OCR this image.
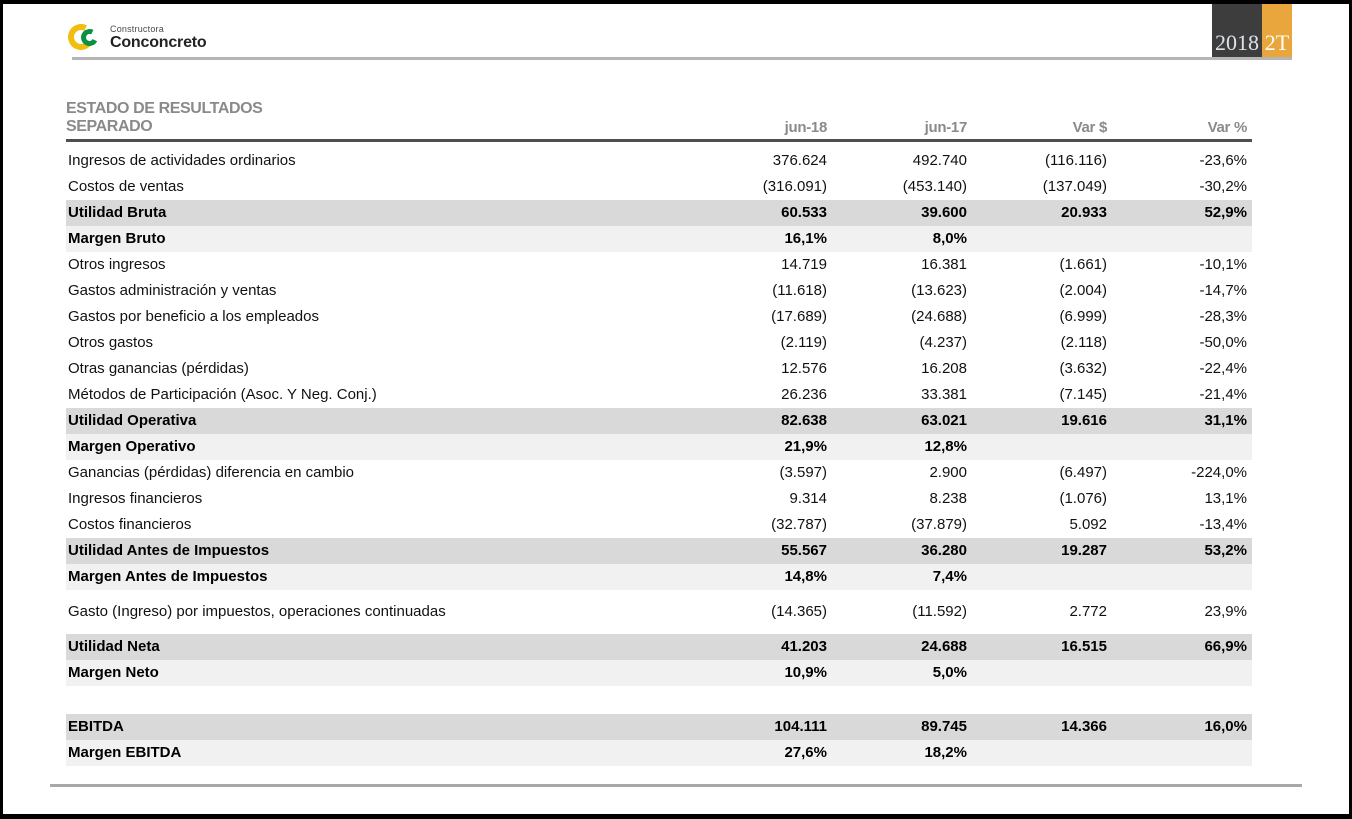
Constructora
Conconcreto	2018 2T
ESTADO DE RESULTADOS
SEPARADO	jun-18	jun-17	Var $	Var %
Ingresos de actividades ordinarios	376.624	492.740	(116.116)	-23,6%
Costos de ventas	(316.091)	(453.140)	(137.049)	-30,2%
Utilidad Bruta	60.533	39.600	20.933	52,9%
Margen Bruto	16,1%	8,0%
Otros ingresos	14.719	16.381	(1.661)	-10,1%
Gastos administración y ventas	(11.618)	(13.623)	(2.004)	-14,7%
Gastos por beneficio a los empleados	(17.689)	(24.688)	(6.999)	-28,3%
Otros gastos	(2.119)	(4.237)	(2.118)	-50,0%
Otras ganancias (pérdidas)	12.576	16.208	(3.632)	-22,4%
Métodos de Participación (Asoc. Y Neg. Conj.)	26.236	33.381	(7.145)	-21,4%
Utilidad Operativa	82.638	63.021	19.616	31,1%
Margen Operativo	21,9%	12,8%
Ganancias (pérdidas) diferencia en cambio	(3.597)	2.900	(6.497)	-224,0%
Ingresos financieros	9.314	8.238	(1.076)	13,1%
Costos financieros	(32.787)	(37.879)	5.092	-13,4%
Utilidad Antes de Impuestos	55.567	36.280	19.287	53,2%
Margen Antes de Impuestos	14,8%	7,4%
Gasto (Ingreso) por impuestos, operaciones continuadas	(14.365)	(11.592)	2.772	23,9%
Utilidad Neta	41.203	24.688	16.515	66,9%
Margen Neto	10,9%	5,0%
EBITDA	104.111	89.745	14.366	16,0%
Margen EBITDA	27,6%	18,2%
